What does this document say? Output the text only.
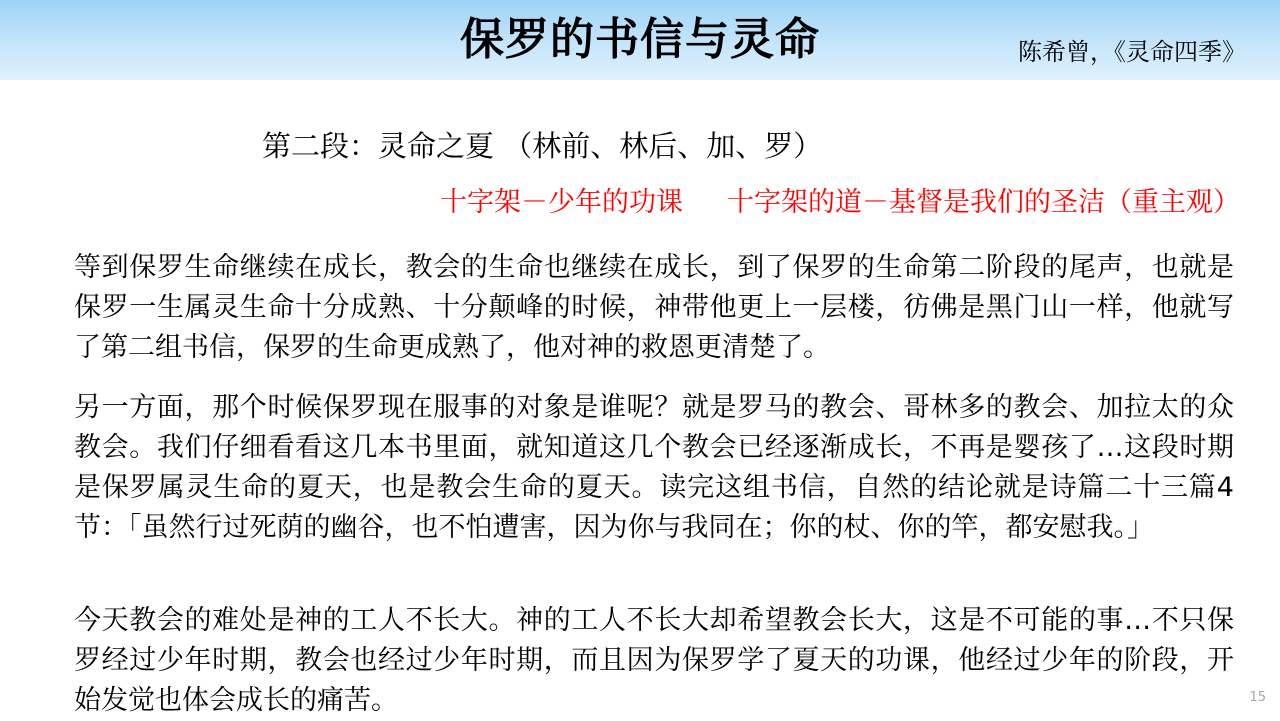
保罗的书信与灵命	陈希曾，《灵命四季》
第二段：灵命之夏 （林前、林后、加、罗）
十字架－少年的功课 十字架的道－基督是我们的圣洁（重主观）
等到保罗生命继续在成长，教会的生命也继续在成长，到了保罗的生命第二阶段的尾声，也就是保罗一生属灵生命十分成熟、十分颠峰的时候，神带他更上一层楼，彷佛是黑门山一样，他就写了第二组书信，保罗的生命更成熟了，他对神的救恩更清楚了。
另一方面，那个时候保罗现在服事的对象是谁呢？就是罗马的教会、哥林多的教会、加拉太的众教会。我们仔细看看这几本书里面，就知道这几个教会已经逐渐成长，不再是婴孩了…这段时期是保罗属灵生命的夏天，也是教会生命的夏天。读完这组书信，自然的结论就是诗篇二十三篇4节：「虽然行过死荫的幽谷，也不怕遭害，因为你与我同在；你的杖、你的竿，都安慰我。」
今天教会的难处是神的工人不长大。神的工人不长大却希望教会长大，这是不可能的事…不只保罗经过少年时期，教会也经过少年时期，而且因为保罗学了夏天的功课，他经过少年的阶段，开始发觉也体会成长的痛苦。	15
